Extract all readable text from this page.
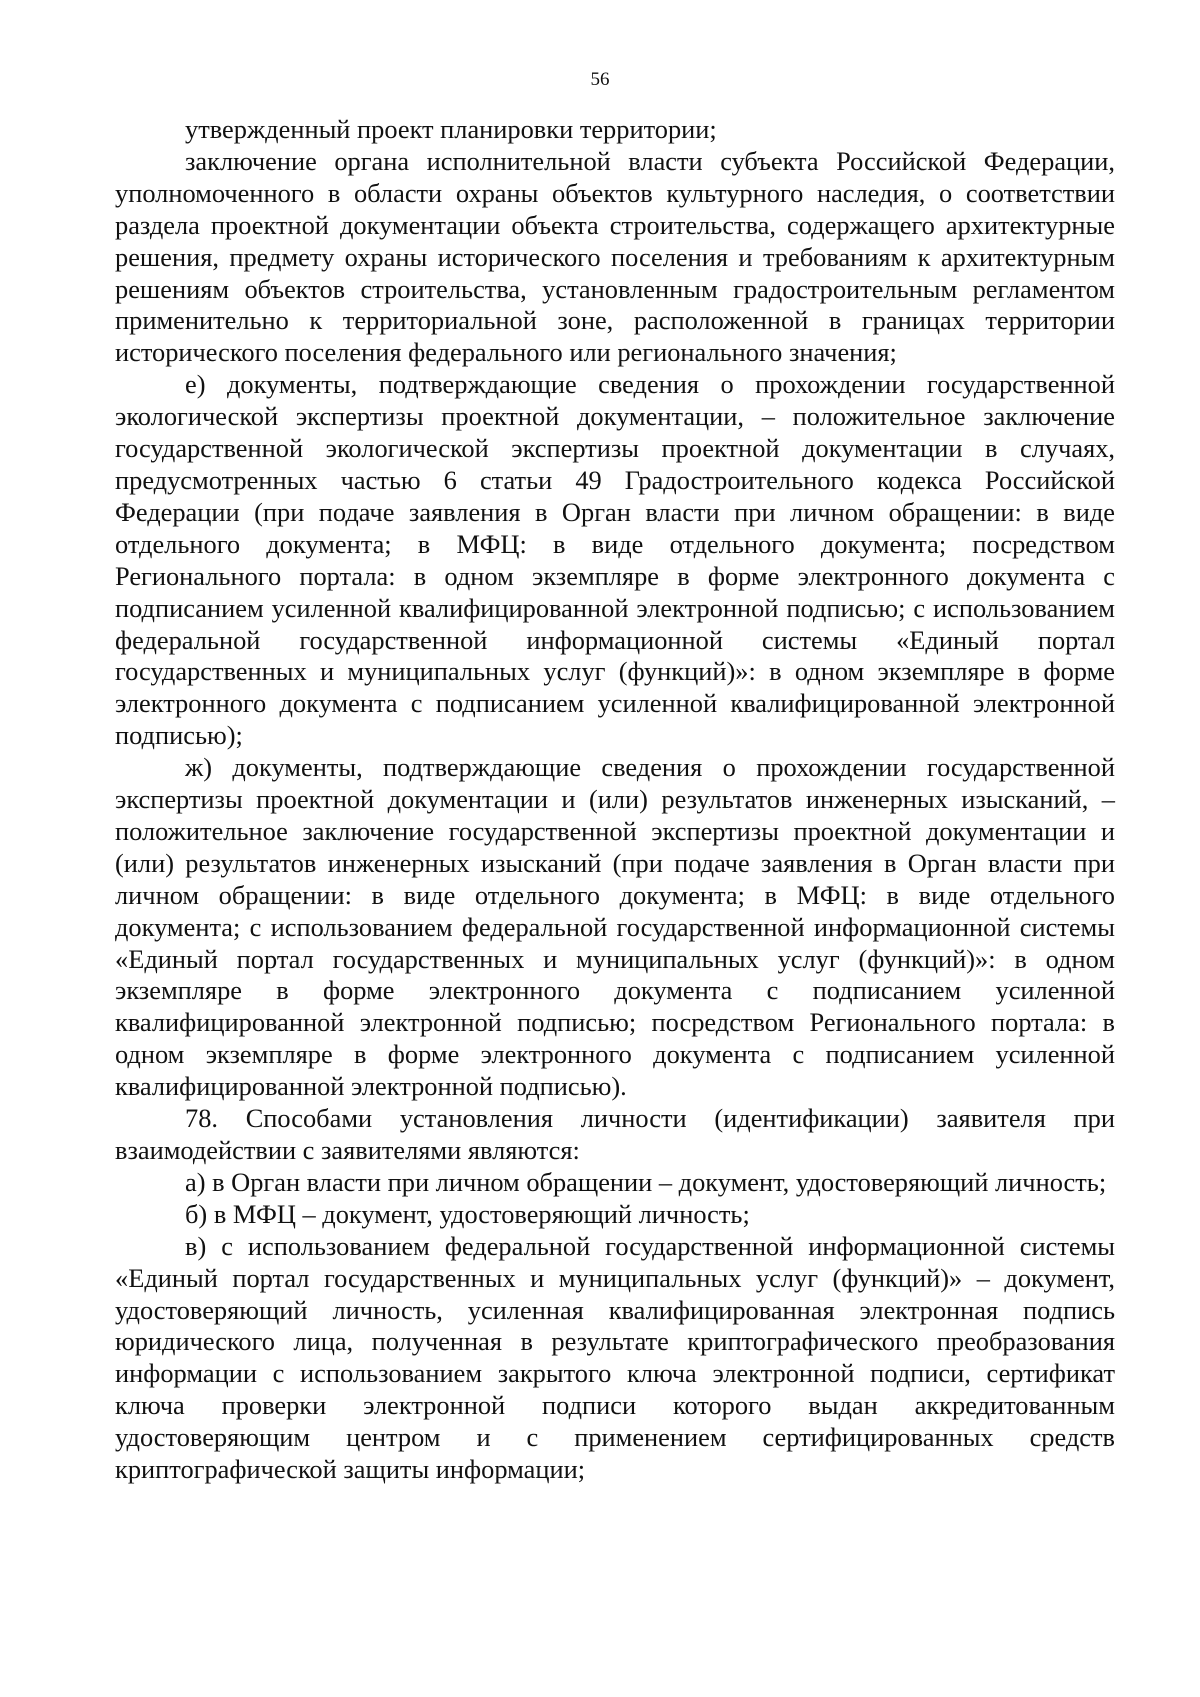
56

утвержденный проект планировки территории;

заключение органа исполнительной власти субъекта Российской Федерации, уполномоченного в области охраны объектов культурного наследия, о соответствии раздела проектной документации объекта строительства, содержащего архитектурные решения, предмету охраны исторического поселения и требованиям к архитектурным решениям объектов строительства, установленным градостроительным регламентом применительно к территориальной зоне, расположенной в границах территории исторического поселения федерального или регионального значения;

е) документы, подтверждающие сведения о прохождении государственной экологической экспертизы проектной документации, – положительное заключение государственной экологической экспертизы проектной документации в случаях, предусмотренных частью 6 статьи 49 Градостроительного кодекса Российской Федерации (при подаче заявления в Орган власти при личном обращении: в виде отдельного документа; в МФЦ: в виде отдельного документа; посредством Регионального портала: в одном экземпляре в форме электронного документа с подписанием усиленной квалифицированной электронной подписью; с использованием федеральной государственной информационной системы «Единый портал государственных и муниципальных услуг (функций)»: в одном экземпляре в форме электронного документа с подписанием усиленной квалифицированной электронной подписью);

ж) документы, подтверждающие сведения о прохождении государственной экспертизы проектной документации и (или) результатов инженерных изысканий, – положительное заключение государственной экспертизы проектной документации и (или) результатов инженерных изысканий (при подаче заявления в Орган власти при личном обращении: в виде отдельного документа; в МФЦ: в виде отдельного документа; с использованием федеральной государственной информационной системы «Единый портал государственных и муниципальных услуг (функций)»: в одном экземпляре в форме электронного документа с подписанием усиленной квалифицированной электронной подписью; посредством Регионального портала: в одном экземпляре в форме электронного документа с подписанием усиленной квалифицированной электронной подписью).

78. Способами установления личности (идентификации) заявителя при взаимодействии с заявителями являются:

а) в Орган власти при личном обращении – документ, удостоверяющий личность;

б) в МФЦ – документ, удостоверяющий личность;

в) с использованием федеральной государственной информационной системы «Единый портал государственных и муниципальных услуг (функций)» – документ, удостоверяющий личность, усиленная квалифицированная электронная подпись юридического лица, полученная в результате криптографического преобразования информации с использованием закрытого ключа электронной подписи, сертификат ключа проверки электронной подписи которого выдан аккредитованным удостоверяющим центром и с применением сертифицированных средств криптографической защиты информации;
